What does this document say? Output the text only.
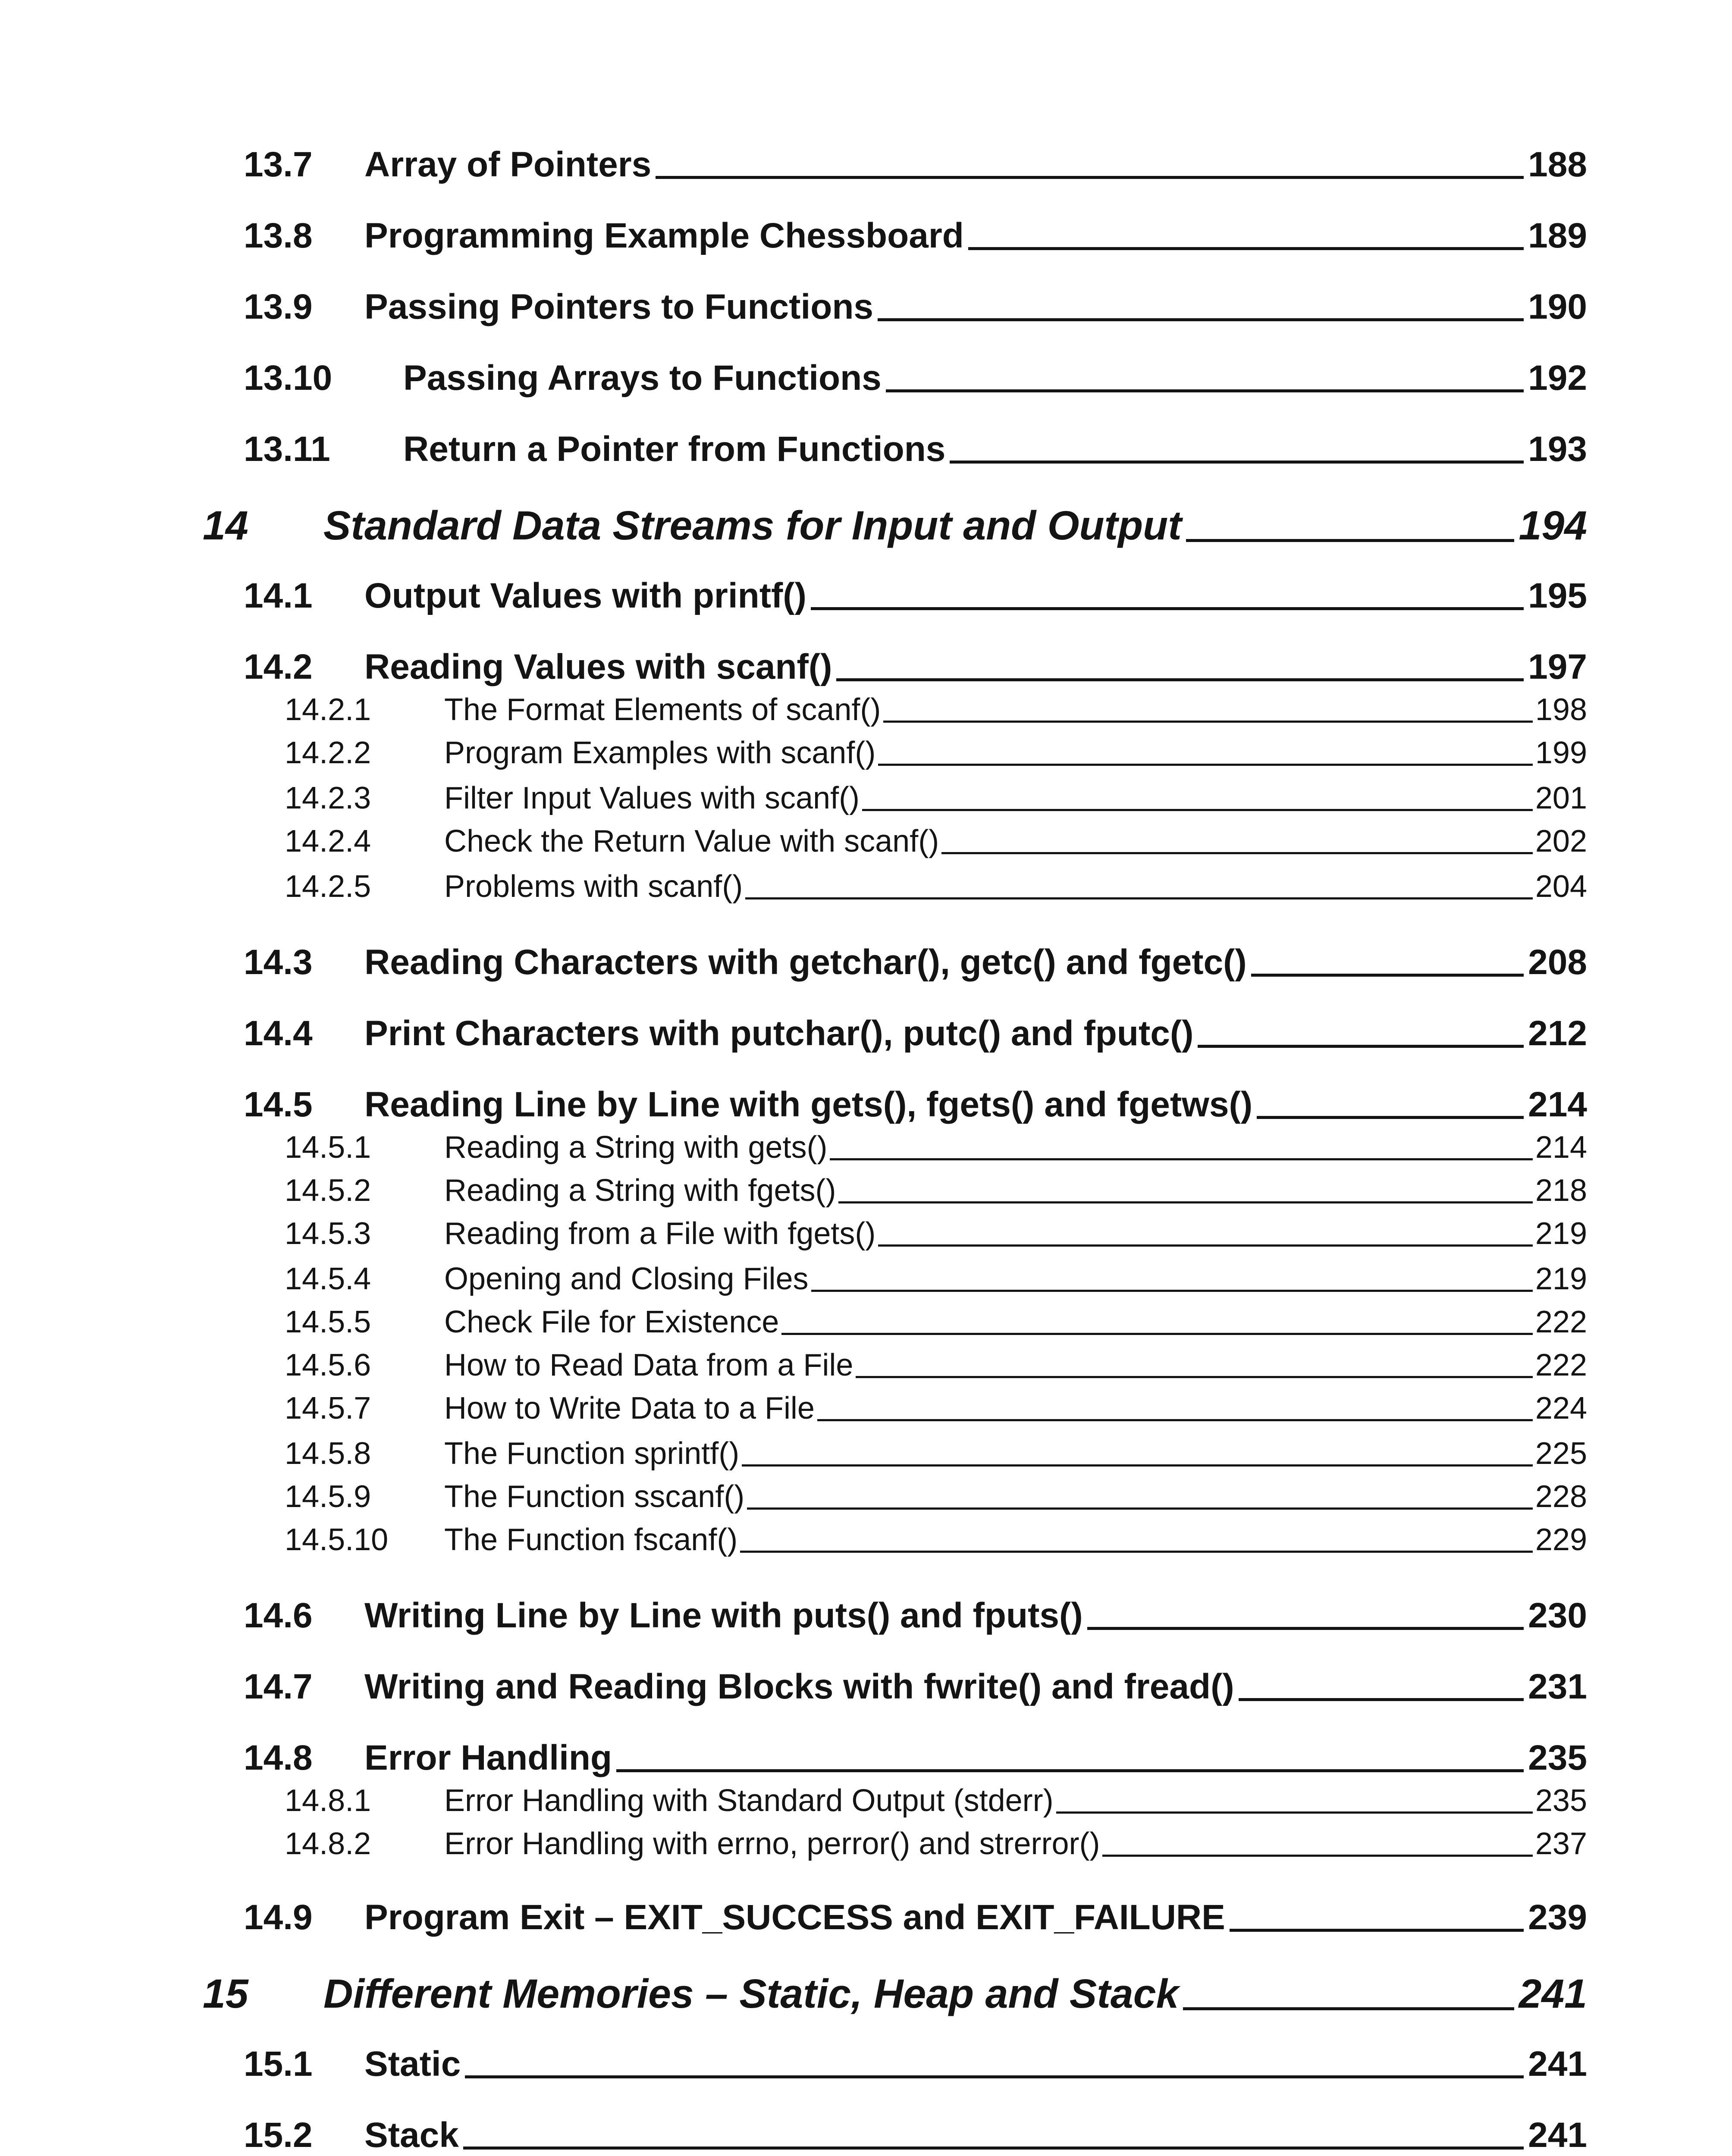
13.7	Array of Pointers	188
13.8	Programming Example Chessboard	189
13.9	Passing Pointers to Functions	190
13.10	Passing Arrays to Functions	192
13.11	Return a Pointer from Functions	193
14	Standard Data Streams for Input and Output	194
14.1	Output Values with printf()	195
14.2	Reading Values with scanf()	197
14.2.1	The Format Elements of scanf()	198
14.2.2	Program Examples with scanf()	199
14.2.3	Filter Input Values with scanf()	201
14.2.4	Check the Return Value with scanf()	202
14.2.5	Problems with scanf()	204
14.3	Reading Characters with getchar(), getc() and fgetc()	208
14.4	Print Characters with putchar(), putc() and fputc()	212
14.5	Reading Line by Line with gets(), fgets() and fgetws()	214
14.5.1	Reading a String with gets()	214
14.5.2	Reading a String with fgets()	218
14.5.3	Reading from a File with fgets()	219
14.5.4	Opening and Closing Files	219
14.5.5	Check File for Existence	222
14.5.6	How to Read Data from a File	222
14.5.7	How to Write Data to a File	224
14.5.8	The Function sprintf()	225
14.5.9	The Function sscanf()	228
14.5.10	The Function fscanf()	229
14.6	Writing Line by Line with puts() and fputs()	230
14.7	Writing and Reading Blocks with fwrite() and fread()	231
14.8	Error Handling	235
14.8.1	Error Handling with Standard Output (stderr)	235
14.8.2	Error Handling with errno, perror() and strerror()	237
14.9	Program Exit – EXIT_SUCCESS and EXIT_FAILURE	239
15	Different Memories – Static, Heap and Stack	241
15.1	Static	241
15.2	Stack	241
